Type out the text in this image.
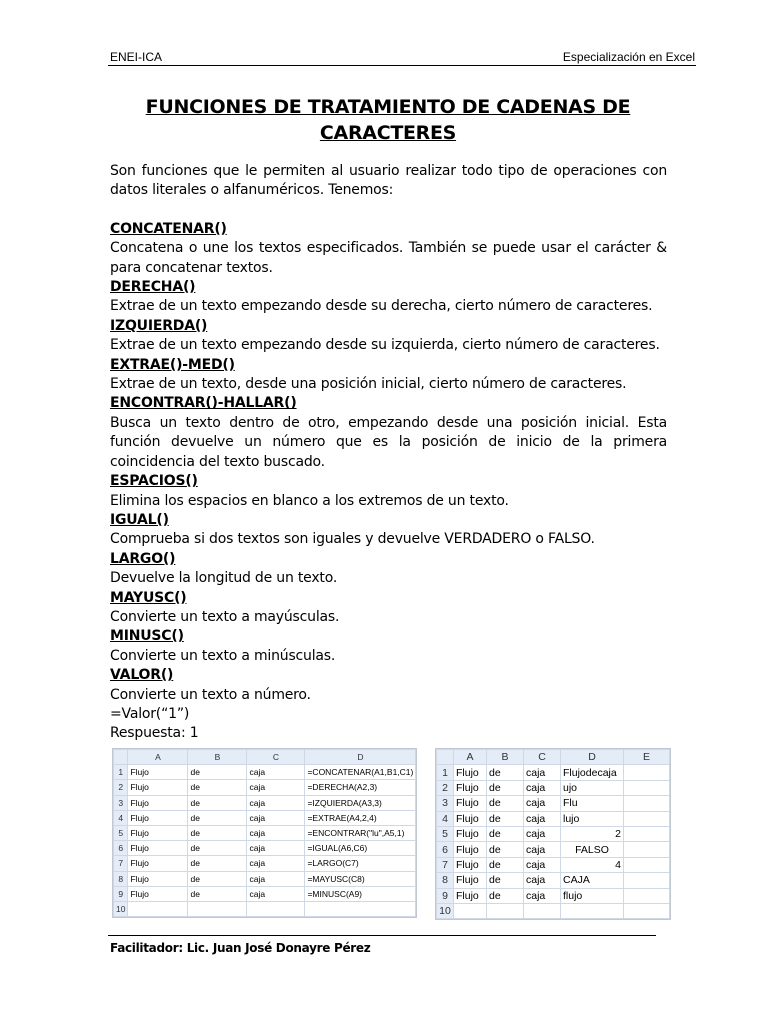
ENEI-ICA	Especialización en Excel
FUNCIONES DE TRATAMIENTO DE CADENAS DE CARACTERES

Son funciones que le permiten al usuario realizar todo tipo de operaciones con datos literales o alfanuméricos. Tenemos:

CONCATENAR()

Concatena o une los textos especificados. También se puede usar el carácter & para concatenar textos.

DERECHA()

Extrae de un texto empezando desde su derecha, cierto número de caracteres.

IZQUIERDA()

Extrae de un texto empezando desde su izquierda, cierto número de caracteres.

EXTRAE()-MED()

Extrae de un texto, desde una posición inicial, cierto número de caracteres.

ENCONTRAR()-HALLAR()

Busca un texto dentro de otro, empezando desde una posición inicial. Esta función devuelve un número que es la posición de inicio de la primera coincidencia del texto buscado.

ESPACIOS()

Elimina los espacios en blanco a los extremos de un texto.

IGUAL()

Comprueba si dos textos son iguales y devuelve VERDADERO o FALSO.

LARGO()

Devuelve la longitud de un texto.

MAYUSC()

Convierte un texto a mayúsculas.

MINUSC()

Convierte un texto a minúsculas.

VALOR()

Convierte un texto a número.

=Valor(“1”)

Respuesta: 1

	A	B	C	D
1	Flujo	de	caja	=CONCATENAR(A1,B1,C1)
2	Flujo	de	caja	=DERECHA(A2,3)
3	Flujo	de	caja	=IZQUIERDA(A3,3)
4	Flujo	de	caja	=EXTRAE(A4,2,4)
5	Flujo	de	caja	=ENCONTRAR("lu",A5,1)
6	Flujo	de	caja	=IGUAL(A6,C6)
7	Flujo	de	caja	=LARGO(C7)
8	Flujo	de	caja	=MAYUSC(C8)
9	Flujo	de	caja	=MINUSC(A9)
10				
	A	B	C	D	E
1	Flujo	de	caja	Flujodecaja	
2	Flujo	de	caja	ujo	
3	Flujo	de	caja	Flu	
4	Flujo	de	caja	lujo	
5	Flujo	de	caja	2	
6	Flujo	de	caja	FALSO	
7	Flujo	de	caja	4	
8	Flujo	de	caja	CAJA	
9	Flujo	de	caja	flujo	
10					
Facilitador: Lic. Juan José Donayre Pérez
